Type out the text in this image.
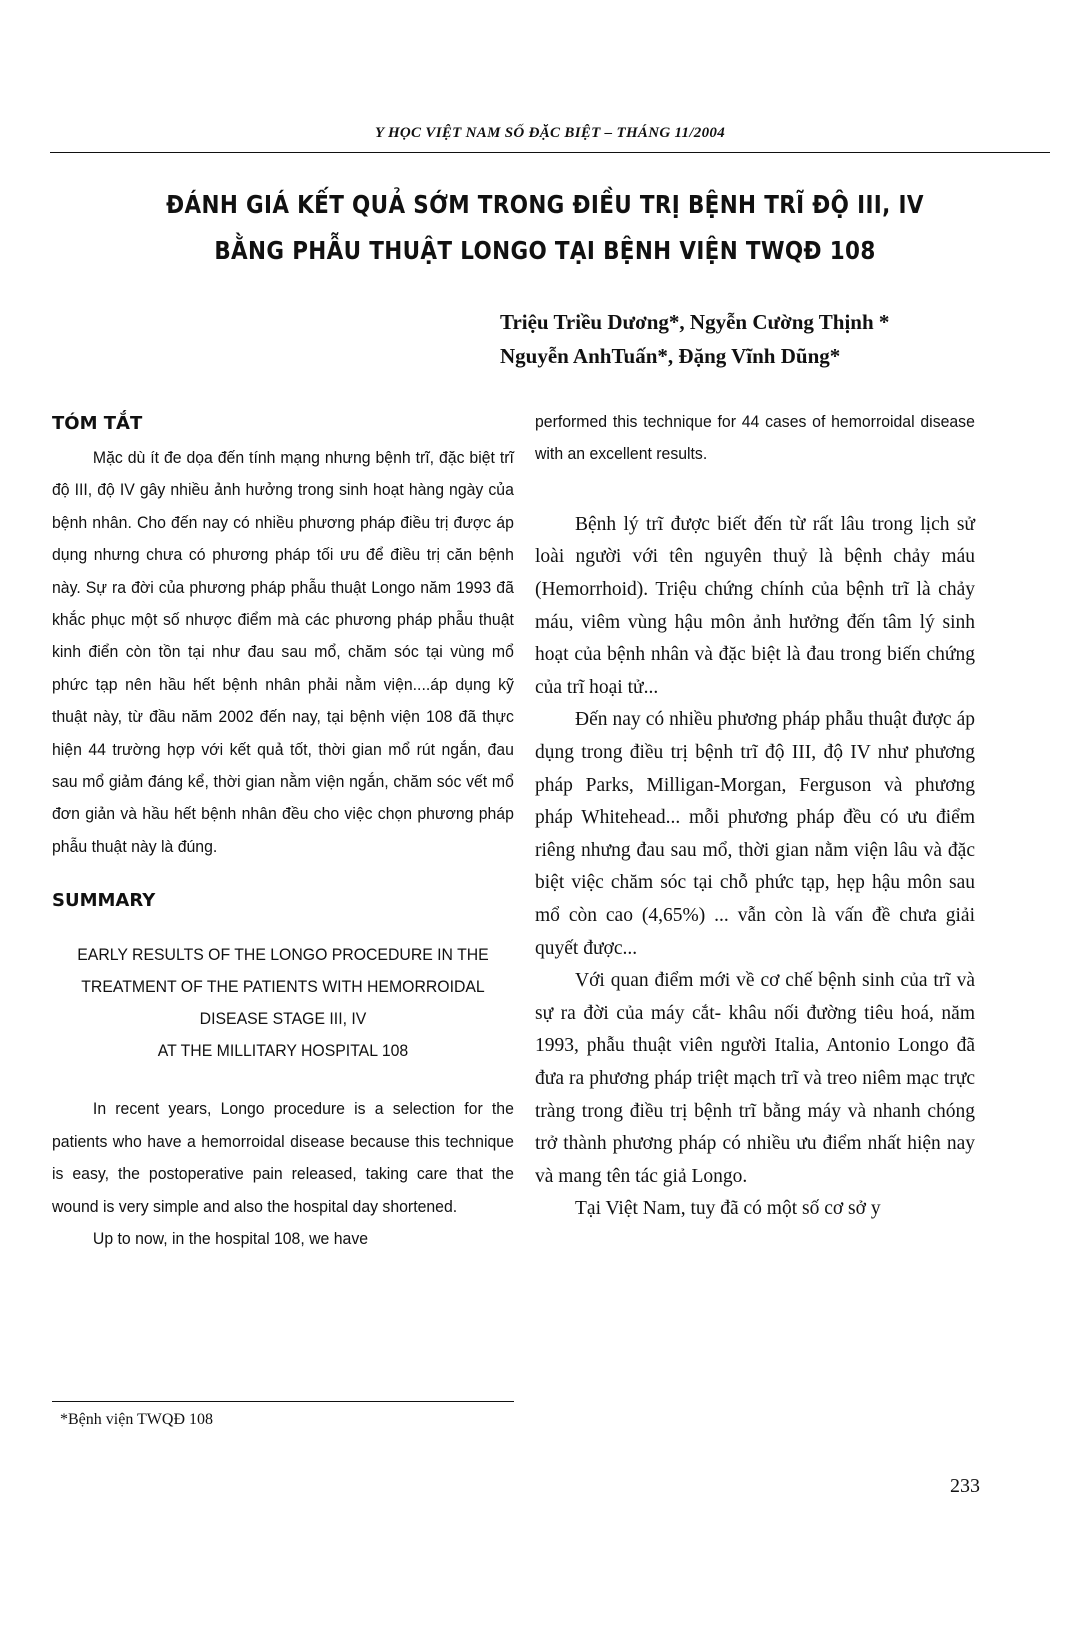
Y HỌC VIỆT NAM SỐ ĐẶC BIỆT – THÁNG 11/2004
ĐÁNH GIÁ KẾT QUẢ SỚM TRONG ĐIỀU TRỊ BỆNH TRĨ ĐỘ III, IV
BẰNG PHẪU THUẬT LONGO TẠI BỆNH VIỆN TWQĐ 108
Triệu Triều Dương*, Ngyễn Cường Thịnh *
Nguyễn AnhTuấn*, Đặng Vĩnh Dũng*
TÓM TẮT

Mặc dù ít đe dọa đến tính mạng nhưng bệnh trĩ, đặc biệt trĩ độ III, độ IV gây nhiều ảnh hưởng trong sinh hoạt hàng ngày của bệnh nhân. Cho đến nay có nhiều phương pháp điều trị được áp dụng nhưng chưa có phương pháp tối ưu để điều trị căn bệnh này. Sự ra đời của phương pháp phẫu thuật Longo năm 1993 đã khắc phục một số nhược điểm mà các phương pháp phẫu thuật kinh điển còn tồn tại như đau sau mổ, chăm sóc tại vùng mổ phức tạp nên hầu hết bệnh nhân phải nằm viện....áp dụng kỹ thuật này, từ đầu năm 2002 đến nay, tại bệnh viện 108 đã thực hiện 44 trường hợp với kết quả tốt, thời gian mổ rút ngắn, đau sau mổ giảm đáng kể, thời gian nằm viện ngắn, chăm sóc vết mổ đơn giản và hầu hết bệnh nhân đều cho việc chọn phương pháp phẫu thuật này là đúng.

SUMMARY

EARLY RESULTS OF THE LONGO PROCEDURE IN THE

TREATMENT OF THE PATIENTS WITH HEMORROIDAL

DISEASE STAGE III, IV

AT THE MILLITARY HOSPITAL 108

In recent years, Longo procedure is a selection for the patients who have a hemorroidal disease because this technique is easy, the postoperative pain released, taking care that the wound is very simple and also the hospital day shortened.

Up to now, in the hospital 108, we have

performed this technique for 44 cases of hemorroidal disease with an excellent results.

Bệnh lý trĩ được biết đến từ rất lâu trong lịch sử loài người với tên nguyên thuỷ là bệnh chảy máu (Hemorrhoid). Triệu chứng chính của bệnh trĩ là chảy máu, viêm vùng hậu môn ảnh hưởng đến tâm lý sinh hoạt của bệnh nhân và đặc biệt là đau trong biến chứng của trĩ hoại tử...

Đến nay có nhiều phương pháp phẫu thuật được áp dụng trong điều trị bệnh trĩ độ III, độ IV như phương pháp Parks, Milligan-Morgan, Ferguson và phương pháp Whitehead... mỗi phương pháp đều có ưu điểm riêng nhưng đau sau mổ, thời gian nằm viện lâu và đặc biệt việc chăm sóc tại chỗ phức tạp, hẹp hậu môn sau mổ còn cao (4,65%) ... vẫn còn là vấn đề chưa giải quyết được...

Với quan điểm mới về cơ chế bệnh sinh của trĩ và sự ra đời của máy cắt- khâu nối đường tiêu hoá, năm 1993, phẫu thuật viên người Italia, Antonio Longo đã đưa ra phương pháp triệt mạch trĩ và treo niêm mạc trực tràng trong điều trị bệnh trĩ bằng máy và nhanh chóng trở thành phương pháp có nhiều ưu điểm nhất hiện nay và mang tên tác giả Longo.

Tại Việt Nam, tuy đã có một số cơ sở y

*Bệnh viện TWQĐ 108
233
